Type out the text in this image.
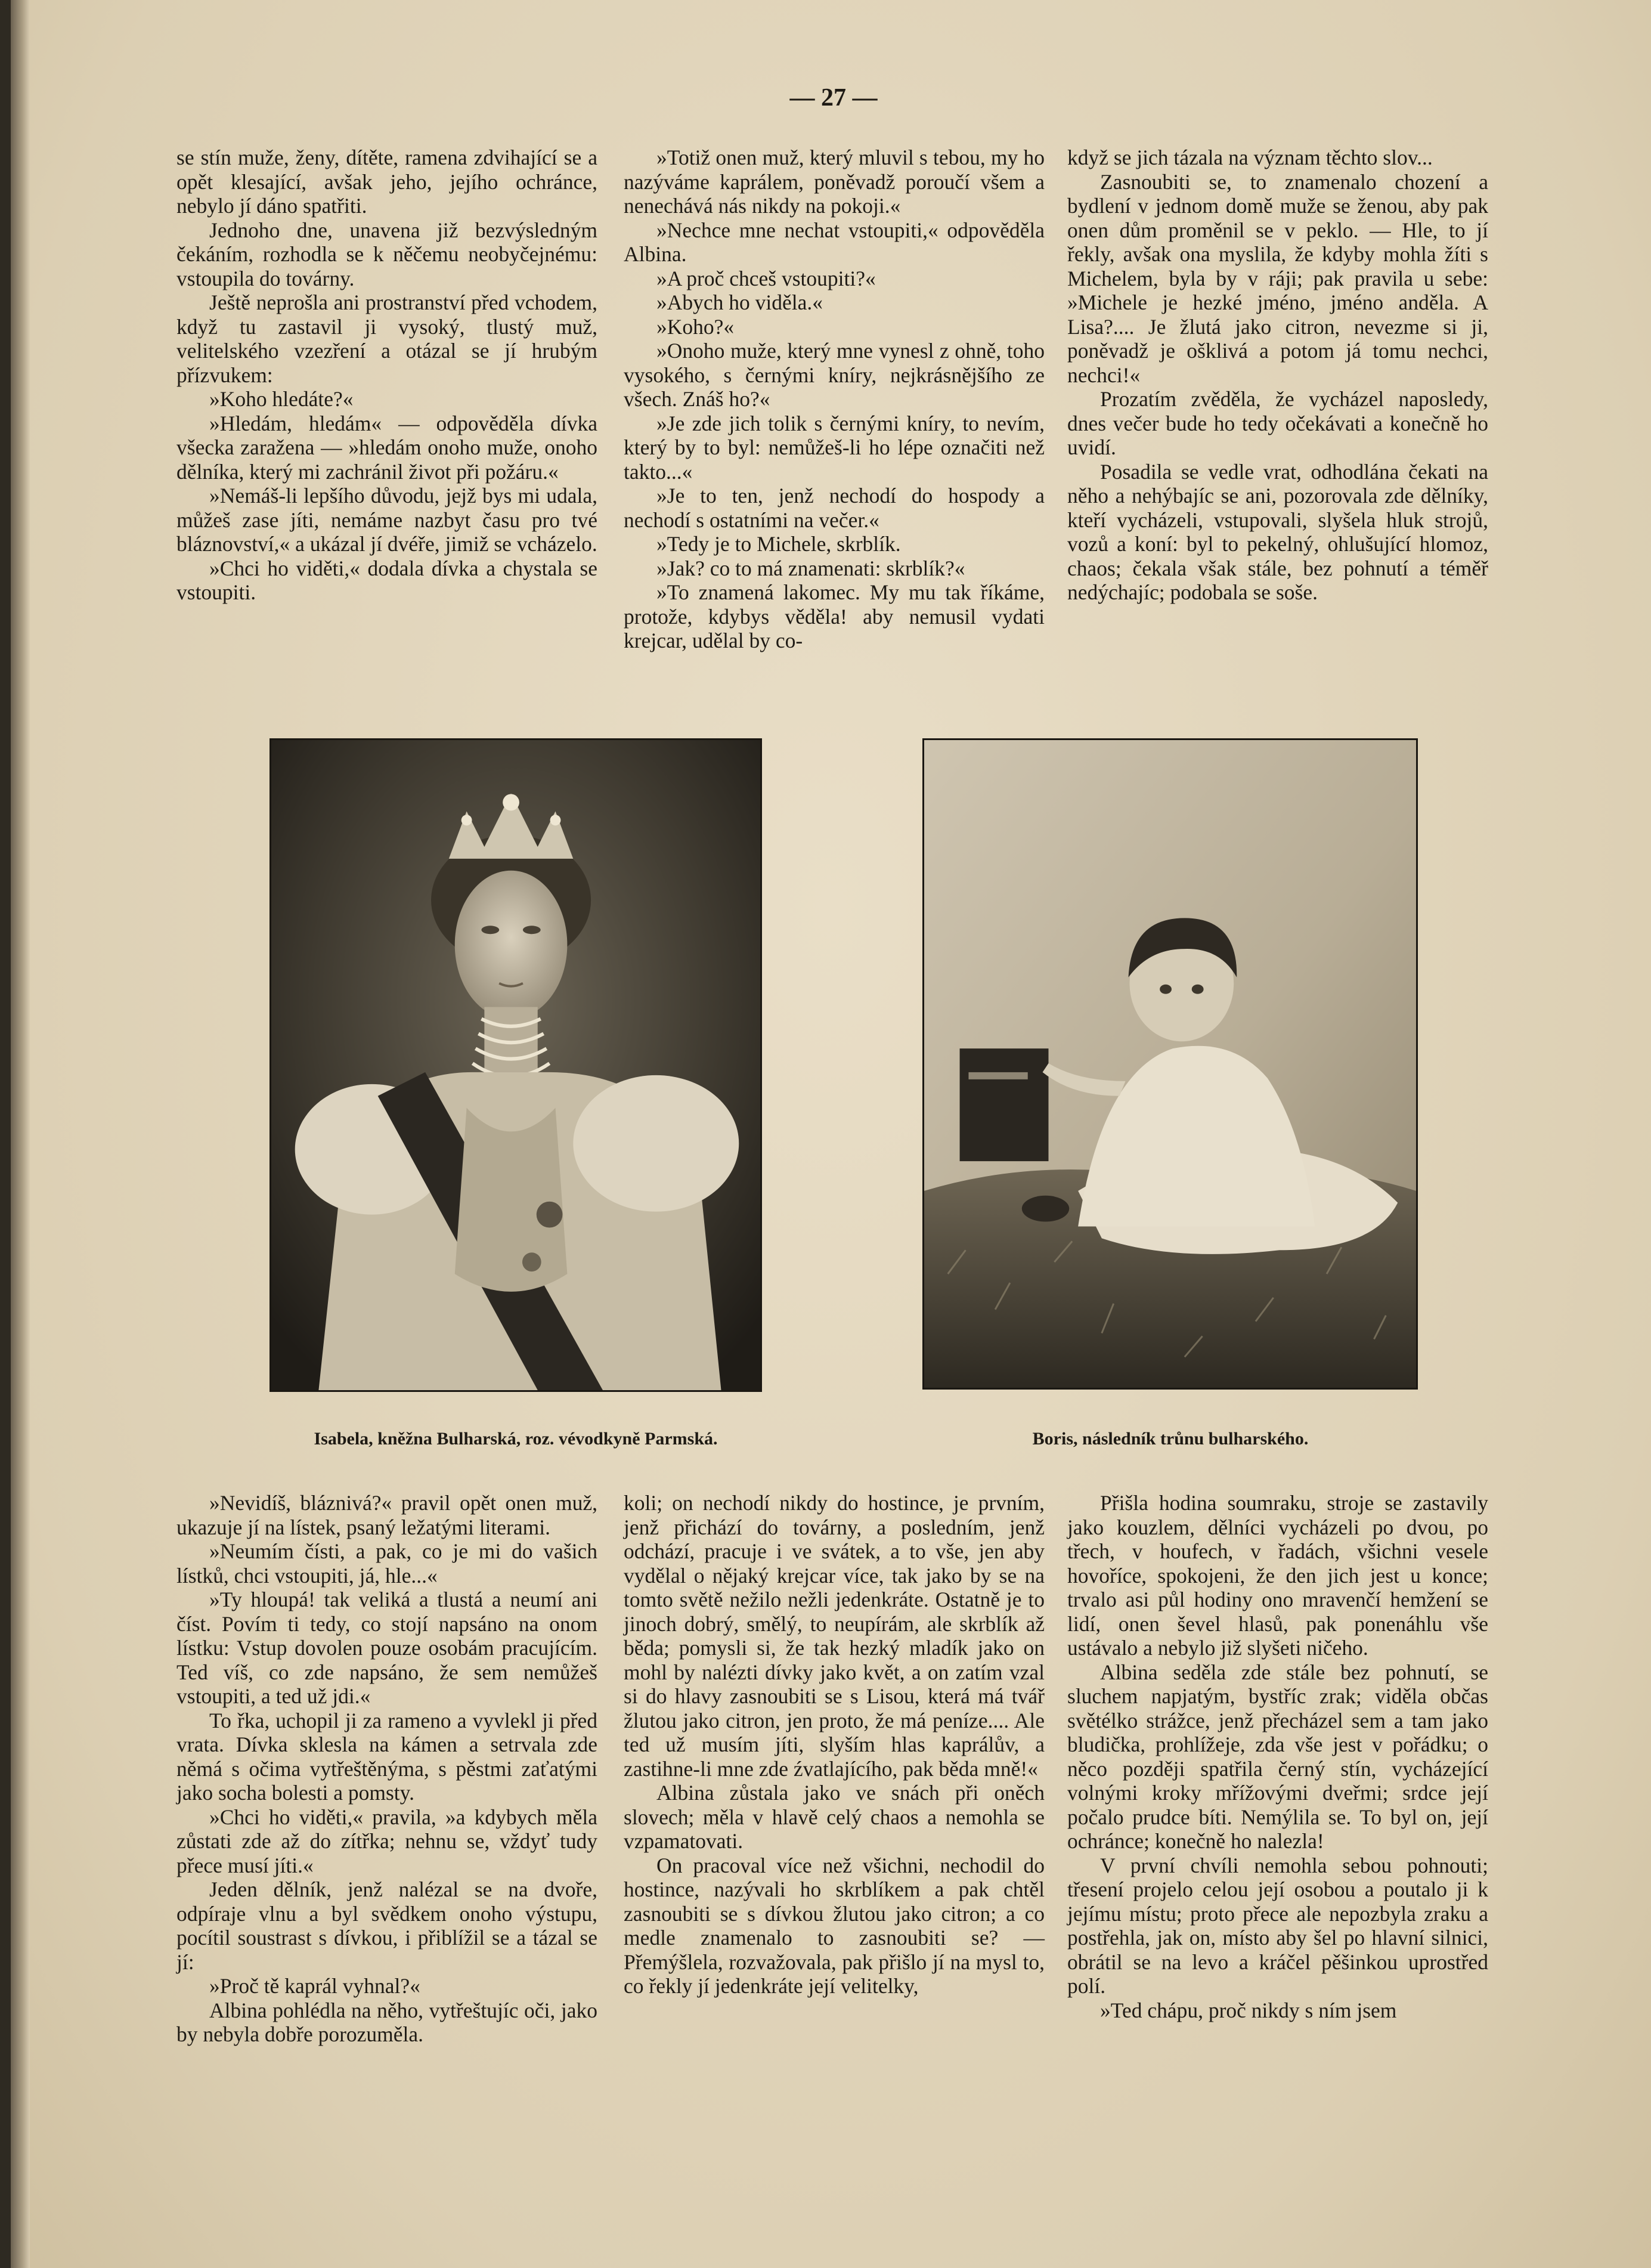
— 27 —

se stín muže, ženy, dítěte, ramena zdvihající se a opět klesající, avšak jeho, jejího ochránce, nebylo jí dáno spatřiti.

Jednoho dne, unavena již bezvýsledným čekáním, rozhodla se k něčemu neobyčejnému: vstoupila do továrny.

Ještě neprošla ani prostranství před vchodem, když tu zastavil ji vysoký, tlustý muž, velitelského vzezření a otázal se jí hrubým přízvukem:

»Koho hledáte?«

»Hledám, hledám« — odpověděla dívka všecka zaražena — »hledám onoho muže, onoho dělníka, který mi zachránil život při požáru.«

»Nemáš-li lepšího důvodu, jejž bys mi udala, můžeš zase jíti, nemáme nazbyt času pro tvé bláznovství,« a ukázal jí dvéře, jimiž se vcházelo.

»Chci ho viděti,« dodala dívka a chystala se vstoupiti.

»Totiž onen muž, který mluvil s tebou, my ho nazýváme kaprálem, poněvadž poroučí všem a nenechává nás nikdy na pokoji.«

»Nechce mne nechat vstoupiti,« odpověděla Albina.

»A proč chceš vstoupiti?«

»Abych ho viděla.«

»Koho?«

»Onoho muže, který mne vynesl z ohně, toho vysokého, s černými kníry, nejkrásnějšího ze všech. Znáš ho?«

»Je zde jich tolik s černými kníry, to nevím, který by to byl: nemůžeš-li ho lépe označiti než takto...«

»Je to ten, jenž nechodí do hospody a nechodí s ostatními na večer.«

»Tedy je to Michele, skrblík.

»Jak? co to má znamenati: skrblík?«

»To znamená lakomec. My mu tak říkáme, protože, kdybys věděla! aby nemusil vydati krejcar, udělal by co-

když se jich tázala na význam těchto slov...

Zasnoubiti se, to znamenalo chození a bydlení v jednom domě muže se ženou, aby pak onen dům proměnil se v peklo. — Hle, to jí řekly, avšak ona myslila, že kdyby mohla žíti s Michelem, byla by v ráji; pak pravila u sebe: »Michele je hezké jméno, jméno anděla. A Lisa?.... Je žlutá jako citron, nevezme si ji, poněvadž je ošklivá a potom já tomu nechci, nechci!«

Prozatím zvěděla, že vycházel naposledy, dnes večer bude ho tedy očekávati a konečně ho uvidí.

Posadila se vedle vrat, odhodlána čekati na něho a nehýbajíc se ani, pozorovala zde dělníky, kteří vycházeli, vstupovali, slyšela hluk strojů, vozů a koní: byl to pekelný, ohlušující hlomoz, chaos; čekala však stále, bez pohnutí a téměř nedýchajíc; podobala se soše.

Isabela, kněžna Bulharská, roz. vévodkyně Parmská.	Boris, následník trůnu bulharského.

»Nevidíš, bláznivá?« pravil opět onen muž, ukazuje jí na lístek, psaný ležatými literami.

»Neumím čísti, a pak, co je mi do vašich lístků, chci vstoupiti, já, hle...«

»Ty hloupá! tak veliká a tlustá a neumí ani číst. Povím ti tedy, co stojí napsáno na onom lístku: Vstup dovolen pouze osobám pracujícím. Ted víš, co zde napsáno, že sem nemůžeš vstoupiti, a ted už jdi.«

To řka, uchopil ji za rameno a vyvlekl ji před vrata. Dívka sklesla na kámen a setrvala zde němá s očima vytřeštěnýma, s pěstmi zaťatými jako socha bolesti a pomsty.

»Chci ho viděti,« pravila, »a kdybych měla zůstati zde až do zítřka; nehnu se, vždyť tudy přece musí jíti.«

Jeden dělník, jenž nalézal se na dvoře, odpíraje vlnu a byl svědkem onoho výstupu, pocítil soustrast s dívkou, i přiblížil se a tázal se jí:

»Proč tě kaprál vyhnal?«

Albina pohlédla na něho, vytřeštujíc oči, jako by nebyla dobře porozuměla.

koli; on nechodí nikdy do hostince, je prvním, jenž přichází do továrny, a posledním, jenž odchází, pracuje i ve svátek, a to vše, jen aby vydělal o nějaký krejcar více, tak jako by se na tomto světě nežilo nežli jedenkráte. Ostatně je to jinoch dobrý, smělý, to neupírám, ale skrblík až běda; pomysli si, že tak hezký mladík jako on mohl by nalézti dívky jako květ, a on zatím vzal si do hlavy zasnoubiti se s Lisou, která má tvář žlutou jako citron, jen proto, že má peníze.... Ale ted už musím jíti, slyším hlas kaprálův, a zastihne-li mne zde źvatlajícího, pak běda mně!«

Albina zůstala jako ve snách při oněch slovech; měla v hlavě celý chaos a nemohla se vzpamatovati.

On pracoval více než všichni, nechodil do hostince, nazývali ho skrblíkem a pak chtěl zasnoubiti se s dívkou žlutou jako citron; a co medle znamenalo to zasnoubiti se? — Přemýšlela, rozvažovala, pak přišlo jí na mysl to, co řekly jí jedenkráte její velitelky,

Přišla hodina soumraku, stroje se zastavily jako kouzlem, dělníci vycházeli po dvou, po třech, v houfech, v řadách, všichni vesele hovoříce, spokojeni, že den jich jest u konce; trvalo asi půl hodiny ono mravenčí hemžení se lidí, onen ševel hlasů, pak ponenáhlu vše ustávalo a nebylo již slyšeti ničeho.

Albina seděla zde stále bez pohnutí, se sluchem napjatým, bystříc zrak; viděla občas světélko strážce, jenž přecházel sem a tam jako bludička, prohlížeje, zda vše jest v pořádku; o něco později spatřila černý stín, vycházející volnými kroky mřížovými dveřmi; srdce její počalo prudce bíti. Nemýlila se. To byl on, její ochránce; konečně ho nalezla!

V první chvíli nemohla sebou pohnouti; třesení projelo celou její osobou a poutalo ji k jejímu místu; proto přece ale nepozbyla zraku a postřehla, jak on, místo aby šel po hlavní silnici, obrátil se na levo a kráčel pěšinkou uprostřed polí.

»Ted chápu, proč nikdy s ním jsem
